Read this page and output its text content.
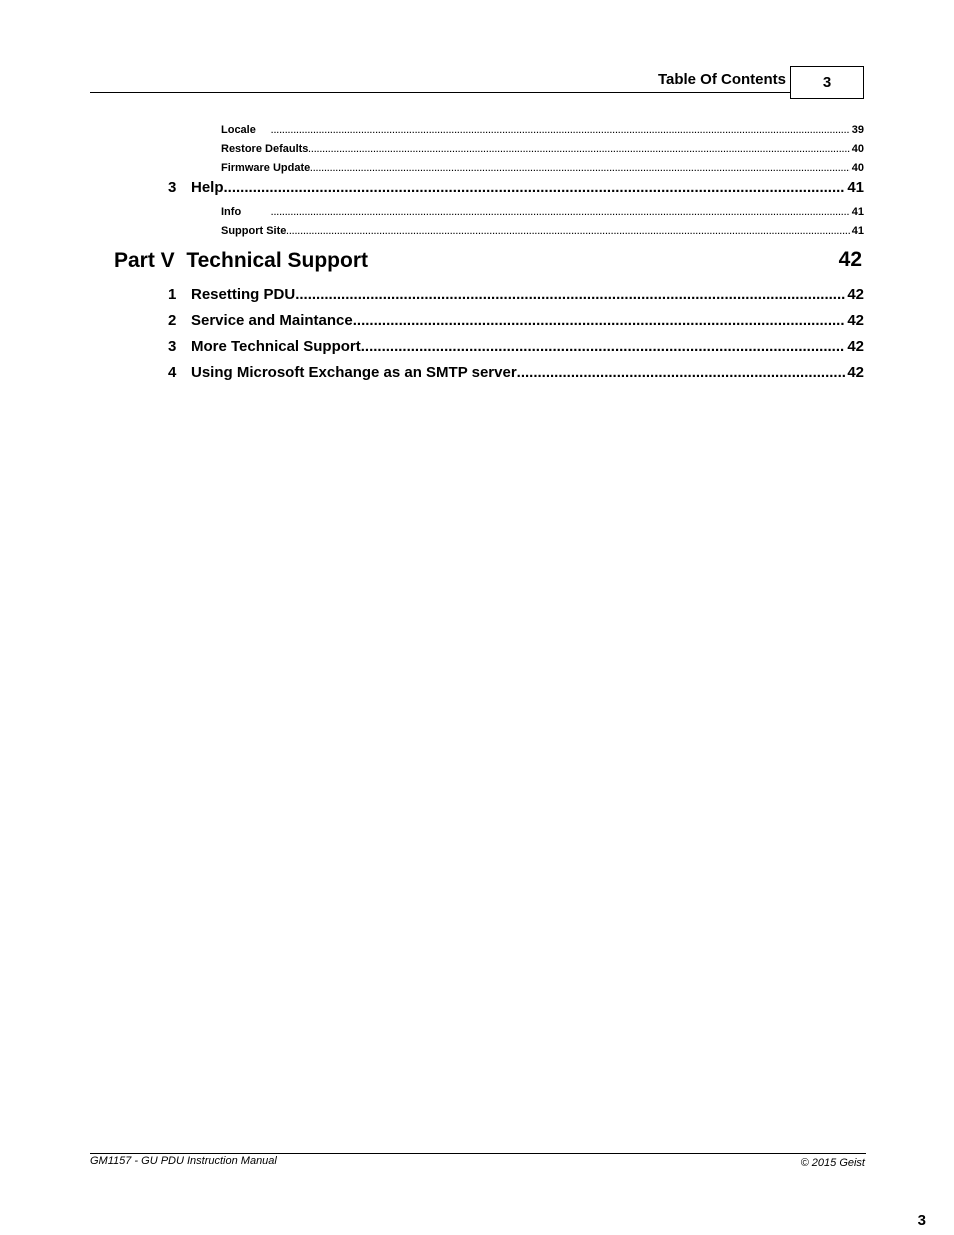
Table Of Contents	3
Locale .....	39
Restore Defaults .....	40
Firmware Update .....	40
3 Help .....	41
Info .....	41
Support Site .....	41
Part V  Technical Support	42
1 Resetting PDU .....	42
2 Service and Maintance .....	42
3 More Technical Support .....	42
4 Using Microsoft Exchange as an SMTP server .....	42
GM1157 - GU PDU Instruction Manual	© 2015 Geist
3
